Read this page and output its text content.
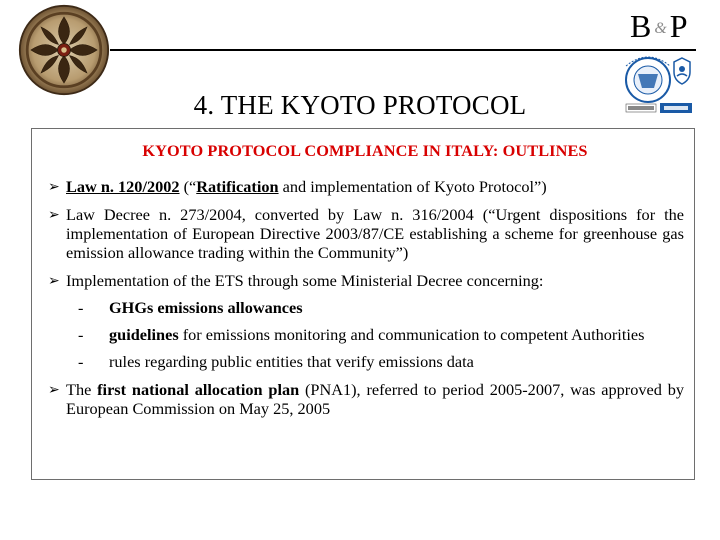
B & P
4. THE KYOTO PROTOCOL
KYOTO PROTOCOL COMPLIANCE IN ITALY: OUTLINES
➢ Law n. 120/2002 (“Ratification and implementation of Kyoto Protocol”)
➢ Law Decree n. 273/2004, converted by Law n. 316/2004 (“Urgent dispositions for the implementation of European Directive 2003/87/CE establishing a scheme for greenhouse gas emission allowance trading within the Community”)
➢ Implementation of the ETS through some Ministerial Decree concerning:
- GHGs emissions allowances
- guidelines for emissions monitoring and communication to competent Authorities
- rules regarding public entities that verify emissions data
➢ The first national allocation plan (PNA1), referred to period 2005-2007, was approved by European Commission on May 25, 2005
